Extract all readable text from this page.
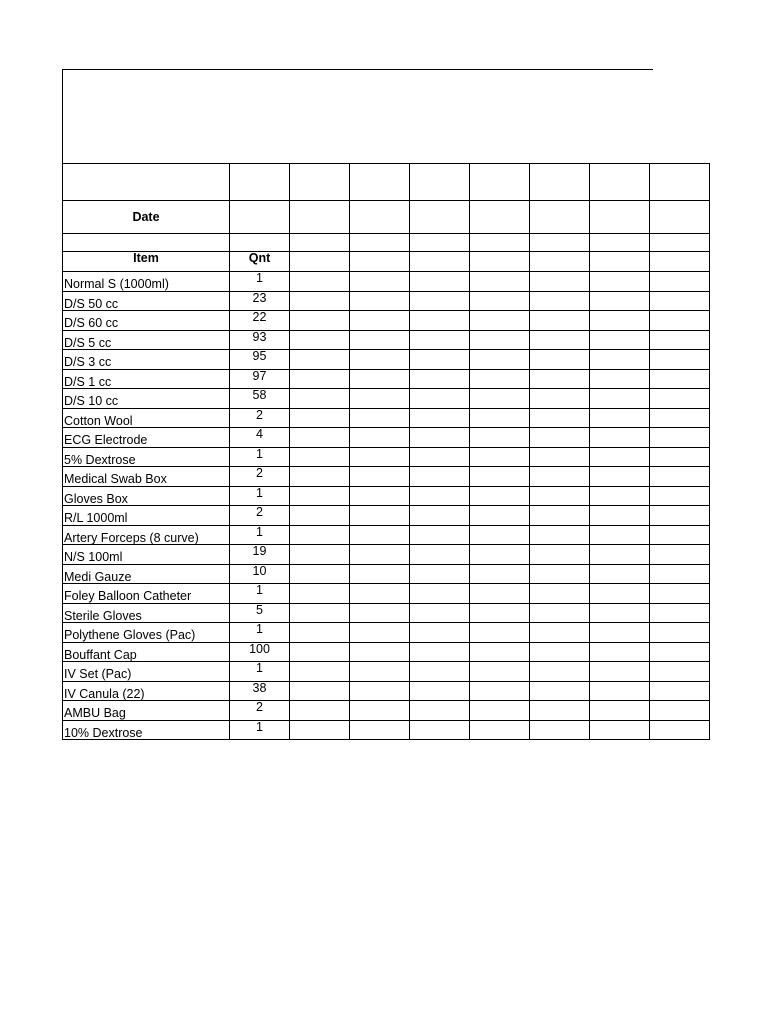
Date								

Item	Qnt							
Normal S (1000ml)	1							
D/S 50 cc	23							
D/S 60 cc	22							
D/S 5 cc	93							
D/S 3 cc	95							
D/S 1 cc	97							
D/S 10 cc	58							
Cotton Wool	2							
ECG Electrode	4							
5% Dextrose	1							
Medical Swab Box	2							
Gloves Box	1							
R/L 1000ml	2							
Artery Forceps (8 curve)	1							
N/S 100ml	19							
Medi Gauze	10							
Foley Balloon Catheter	1							
Sterile Gloves	5							
Polythene Gloves (Pac)	1							
Bouffant Cap	100							
IV Set (Pac)	1							
IV Canula (22)	38							
AMBU Bag	2							
10% Dextrose	1							
